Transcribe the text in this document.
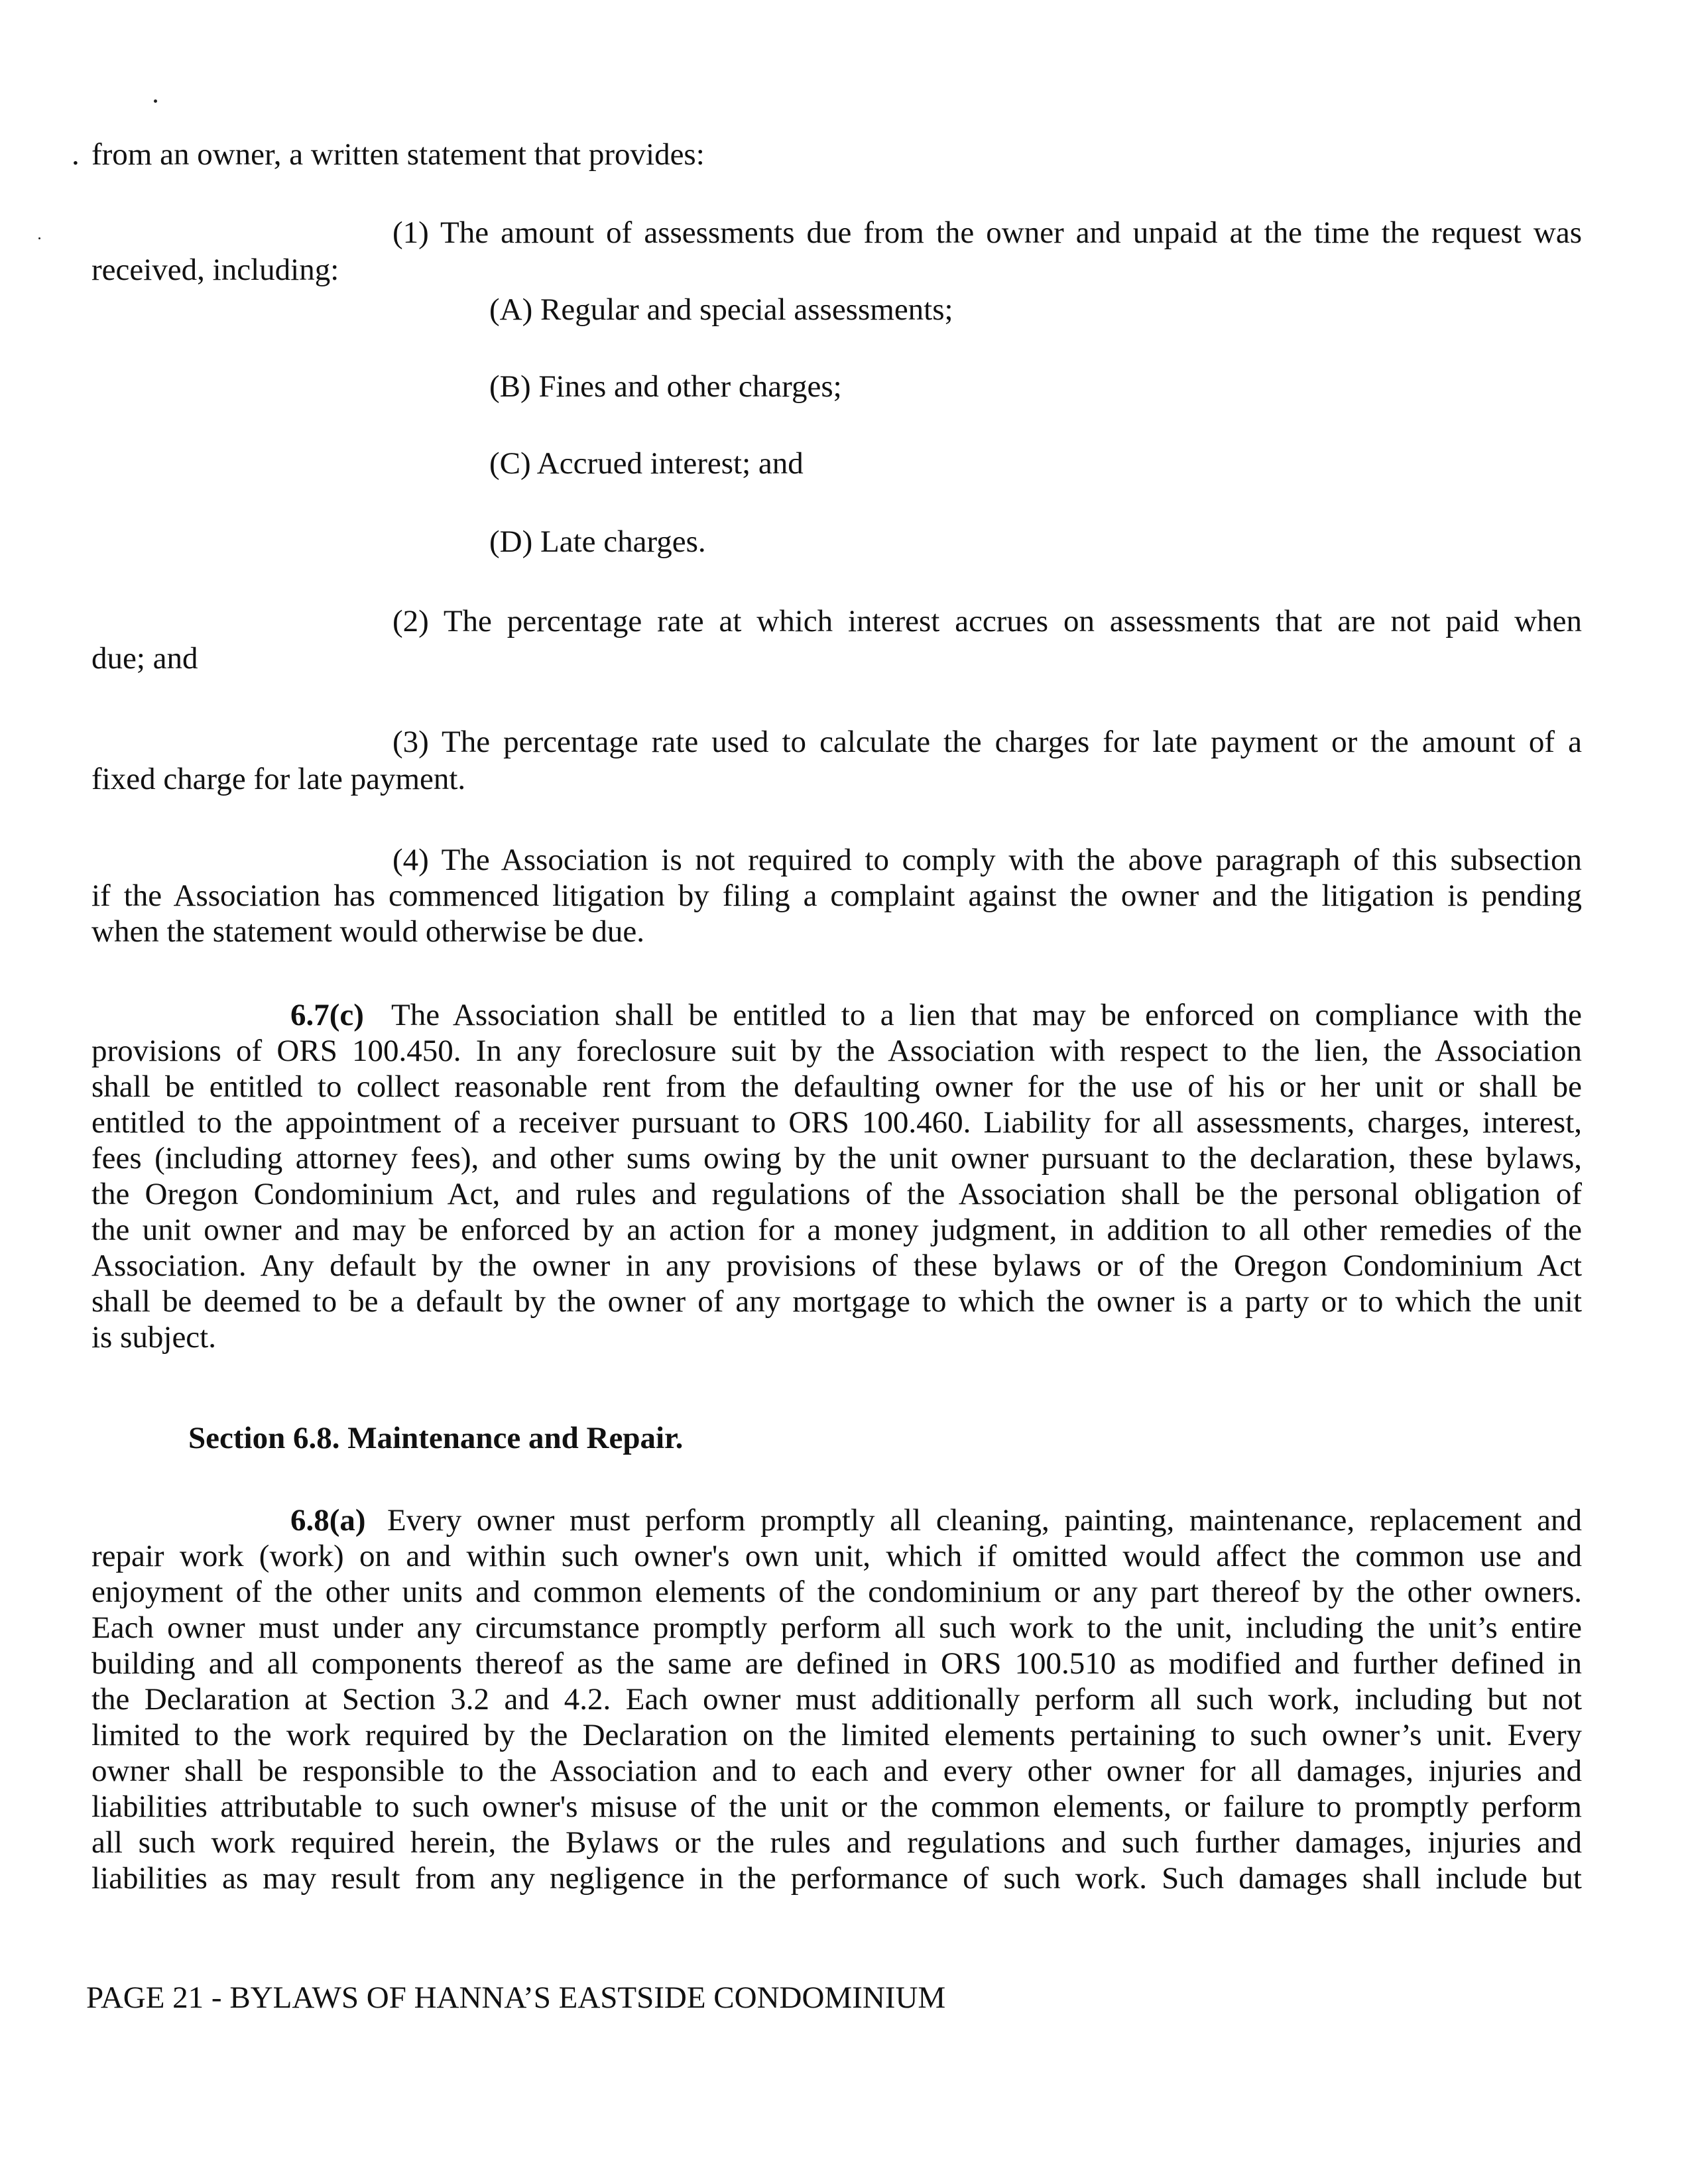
. from an owner, a written statement that provides:

(1) The amount of assessments due from the owner and unpaid at the time the request was

received, including:

(A) Regular and special assessments;

(B) Fines and other charges;

(C) Accrued interest; and

(D) Late charges.

(2) The percentage rate at which interest accrues on assessments that are not paid when

due; and

(3) The percentage rate used to calculate the charges for late payment or the amount of a

fixed charge for late payment.

(4) The Association is not required to comply with the above paragraph of this subsection

if the Association has commenced litigation by filing a complaint against the owner and the litigation is pending

when the statement would otherwise be due.

6.7(c) The Association shall be entitled to a lien that may be enforced on compliance with the

provisions of ORS 100.450. In any foreclosure suit by the Association with respect to the lien, the Association

shall be entitled to collect reasonable rent from the defaulting owner for the use of his or her unit or shall be

entitled to the appointment of a receiver pursuant to ORS 100.460. Liability for all assessments, charges, interest,

fees (including attorney fees), and other sums owing by the unit owner pursuant to the declaration, these bylaws,

the Oregon Condominium Act, and rules and regulations of the Association shall be the personal obligation of

the unit owner and may be enforced by an action for a money judgment, in addition to all other remedies of the

Association. Any default by the owner in any provisions of these bylaws or of the Oregon Condominium Act

shall be deemed to be a default by the owner of any mortgage to which the owner is a party or to which the unit

is subject.

Section 6.8. Maintenance and Repair.

6.8(a) Every owner must perform promptly all cleaning, painting, maintenance, replacement and

repair work (work) on and within such owner's own unit, which if omitted would affect the common use and

enjoyment of the other units and common elements of the condominium or any part thereof by the other owners.

Each owner must under any circumstance promptly perform all such work to the unit, including the unit’s entire

building and all components thereof as the same are defined in ORS 100.510 as modified and further defined in

the Declaration at Section 3.2 and 4.2. Each owner must additionally perform all such work, including but not

limited to the work required by the Declaration on the limited elements pertaining to such owner’s unit. Every

owner shall be responsible to the Association and to each and every other owner for all damages, injuries and

liabilities attributable to such owner's misuse of the unit or the common elements, or failure to promptly perform

all such work required herein, the Bylaws or the rules and regulations and such further damages, injuries and

liabilities as may result from any negligence in the performance of such work. Such damages shall include but

PAGE 21 - BYLAWS OF HANNA’S EASTSIDE CONDOMINIUM
